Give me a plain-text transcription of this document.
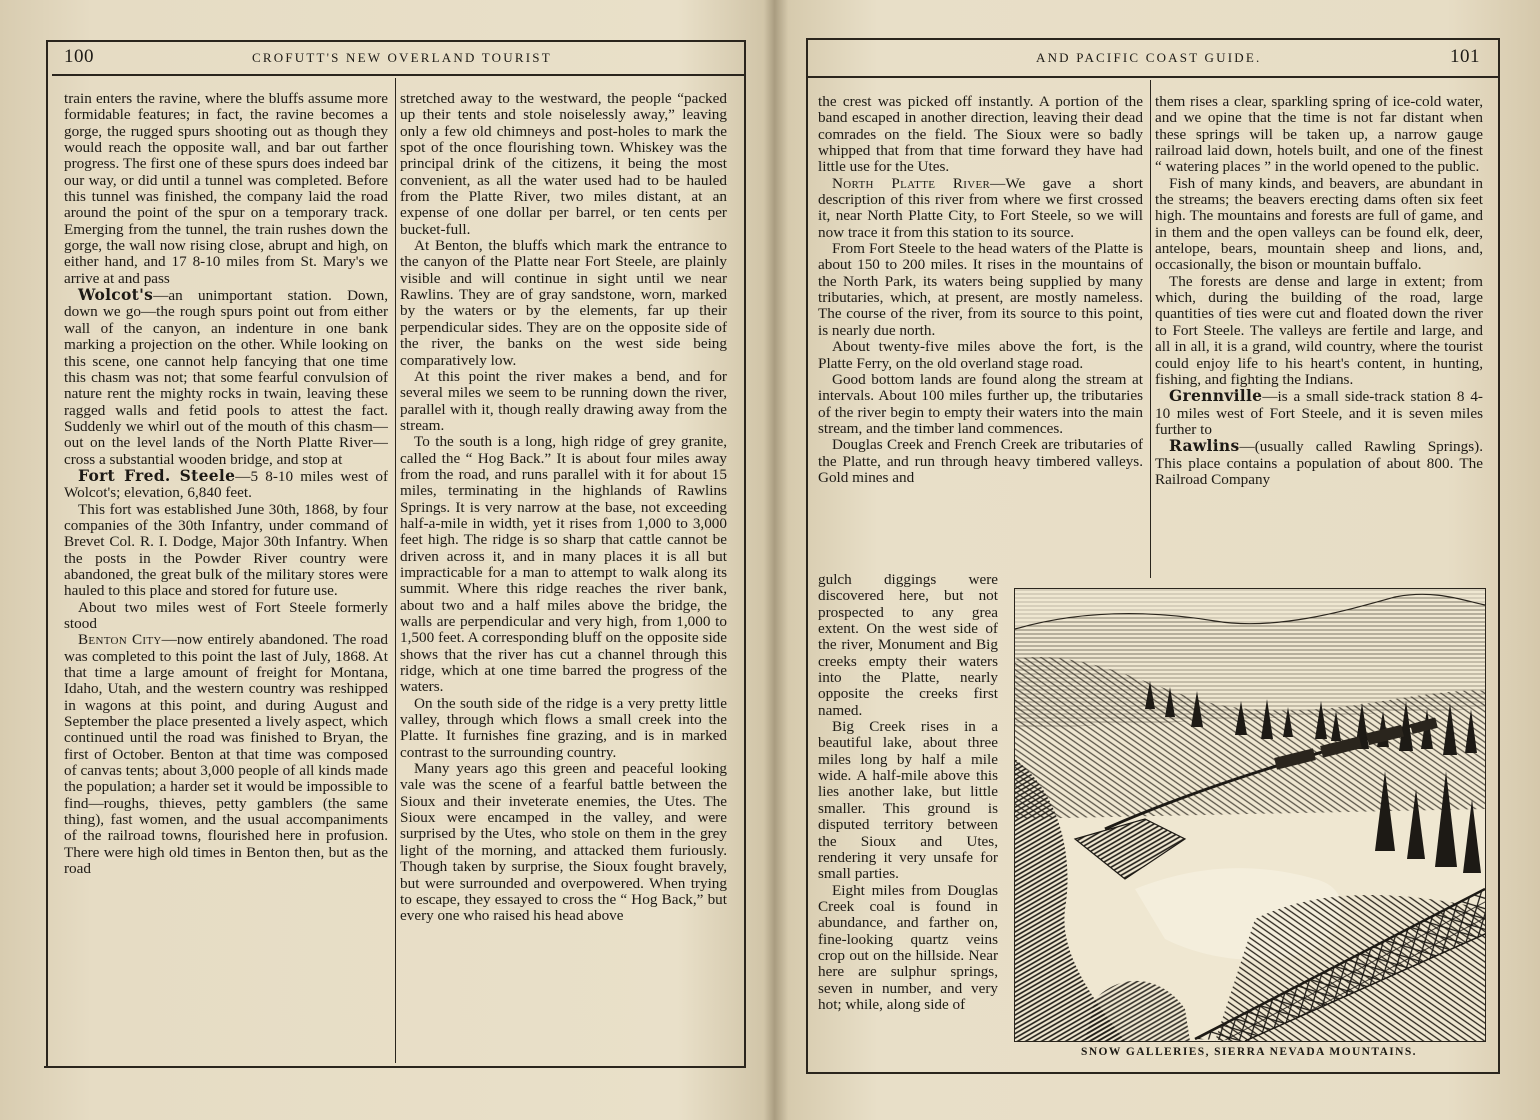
100	CROFUTT'S NEW OVERLAND TOURIST

train enters the ravine, where the bluffs assume more formidable features; in fact, the ravine becomes a gorge, the rugged spurs shooting out as though they would reach the opposite wall, and bar out farther progress. The first one of these spurs does indeed bar our way, or did until a tunnel was completed. Before this tunnel was finished, the company laid the road around the point of the spur on a temporary track. Emerging from the tunnel, the train rushes down the gorge, the wall now rising close, abrupt and high, on either hand, and 17 8-10 miles from St. Mary's we arrive at and pass

Wolcot's—an unimportant station. Down, down we go—the rough spurs point out from either wall of the canyon, an indenture in one bank marking a projection on the other. While looking on this scene, one cannot help fancying that one time this chasm was not; that some fearful convulsion of nature rent the mighty rocks in twain, leaving these ragged walls and fetid pools to attest the fact. Suddenly we whirl out of the mouth of this chasm—out on the level lands of the North Platte River—cross a substantial wooden bridge, and stop at

Fort Fred. Steele—5 8-10 miles west of Wolcot's; elevation, 6,840 feet.

This fort was established June 30th, 1868, by four companies of the 30th Infantry, under command of Brevet Col. R. I. Dodge, Major 30th Infantry. When the posts in the Powder River country were abandoned, the great bulk of the military stores were hauled to this place and stored for future use.

About two miles west of Fort Steele formerly stood

Benton City—now entirely abandoned. The road was completed to this point the last of July, 1868. At that time a large amount of freight for Montana, Idaho, Utah, and the western country was reshipped in wagons at this point, and during August and September the place presented a lively aspect, which continued until the road was finished to Bryan, the first of October. Benton at that time was composed of canvas tents; about 3,000 people of all kinds made the population; a harder set it would be impossible to find—roughs, thieves, petty gamblers (the same thing), fast women, and the usual accompaniments of the railroad towns, flourished here in profusion. There were high old times in Benton then, but as the road

stretched away to the westward, the people “packed up their tents and stole noiselessly away,” leaving only a few old chimneys and post-holes to mark the spot of the once flourishing town. Whiskey was the principal drink of the citizens, it being the most convenient, as all the water used had to be hauled from the Platte River, two miles distant, at an expense of one dollar per barrel, or ten cents per bucket-full.

At Benton, the bluffs which mark the entrance to the canyon of the Platte near Fort Steele, are plainly visible and will continue in sight until we near Rawlins. They are of gray sandstone, worn, marked by the waters or by the elements, far up their perpendicular sides. They are on the opposite side of the river, the banks on the west side being comparatively low.

At this point the river makes a bend, and for several miles we seem to be running down the river, parallel with it, though really drawing away from the stream.

To the south is a long, high ridge of grey granite, called the “ Hog Back.” It is about four miles away from the road, and runs parallel with it for about 15 miles, terminating in the highlands of Rawlins Springs. It is very narrow at the base, not exceeding half-a-mile in width, yet it rises from 1,000 to 3,000 feet high. The ridge is so sharp that cattle cannot be driven across it, and in many places it is all but impracticable for a man to attempt to walk along its summit. Where this ridge reaches the river bank, about two and a half miles above the bridge, the walls are perpendicular and very high, from 1,000 to 1,500 feet. A corresponding bluff on the opposite side shows that the river has cut a channel through this ridge, which at one time barred the progress of the waters.

On the south side of the ridge is a very pretty little valley, through which flows a small creek into the Platte. It furnishes fine grazing, and is in marked contrast to the surrounding country.

Many years ago this green and peaceful looking vale was the scene of a fearful battle between the Sioux and their inveterate enemies, the Utes. The Sioux were encamped in the valley, and were surprised by the Utes, who stole on them in the grey light of the morning, and attacked them furiously. Though taken by surprise, the Sioux fought bravely, but were surrounded and overpowered. When trying to escape, they essayed to cross the “ Hog Back,” but every one who raised his head above

AND PACIFIC COAST GUIDE.	101

the crest was picked off instantly. A portion of the band escaped in another direction, leaving their dead comrades on the field. The Sioux were so badly whipped that from that time forward they have had little use for the Utes.

North Platte River—We gave a short description of this river from where we first crossed it, near North Platte City, to Fort Steele, so we will now trace it from this station to its source.

From Fort Steele to the head waters of the Platte is about 150 to 200 miles. It rises in the mountains of the North Park, its waters being supplied by many tributaries, which, at present, are mostly nameless. The course of the river, from its source to this point, is nearly due north.

About twenty-five miles above the fort, is the Platte Ferry, on the old overland stage road.

Good bottom lands are found along the stream at intervals. About 100 miles further up, the tributaries of the river begin to empty their waters into the main stream, and the timber land commences.

Douglas Creek and French Creek are tributaries of the Platte, and run through heavy timbered valleys. Gold mines and

gulch diggings were discovered here, but not prospected to any grea extent. On the west side of the river, Monument and Big creeks empty their waters into the Platte, nearly opposite the creeks first named.

Big Creek rises in a beautiful lake, about three miles long by half a mile wide. A half-mile above this lies another lake, but little smaller. This ground is disputed territory between the Sioux and Utes, rendering it very unsafe for small parties.

Eight miles from Douglas Creek coal is found in abundance, and farther on, fine-looking quartz veins crop out on the hillside. Near here are sulphur springs, seven in number, and very hot; while, along side of

them rises a clear, sparkling spring of ice-cold water, and we opine that the time is not far distant when these springs will be taken up, a narrow gauge railroad laid down, hotels built, and one of the finest “ watering places ” in the world opened to the public.

Fish of many kinds, and beavers, are abundant in the streams; the beavers erecting dams often six feet high. The mountains and forests are full of game, and in them and the open valleys can be found elk, deer, antelope, bears, mountain sheep and lions, and, occasionally, the bison or mountain buffalo.

The forests are dense and large in extent; from which, during the building of the road, large quantities of ties were cut and floated down the river to Fort Steele. The valleys are fertile and large, and all in all, it is a grand, wild country, where the tourist could enjoy life to his heart's content, in hunting, fishing, and fighting the Indians.

Grennville—is a small side-track station 8 4-10 miles west of Fort Steele, and it is seven miles further to

Rawlins—(usually called Rawling Springs). This place contains a population of about 800. The Railroad Company

SNOW GALLERIES, SIERRA NEVADA MOUNTAINS.
